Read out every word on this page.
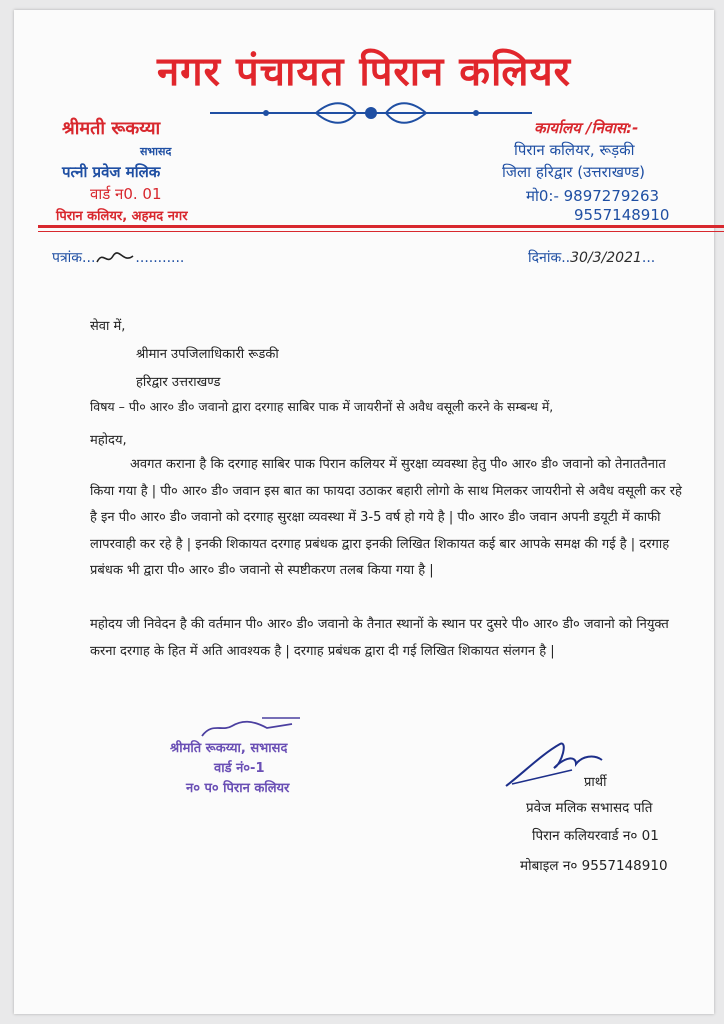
नगर पंचायत पिरान कलियर
श्रीमती रूकय्या
सभासद
पत्नी प्रवेज मलिक
वार्ड न0. 01
पिरान कलियर, अहमद नगर
कार्यालय /निवास:-
पिरान कलियर, रूड़की
जिला हरिद्वार (उत्तराखण्ड)
मो0:- 9897279263
9557148910
पत्रांक...	...........	दिनांक..30/3/2021...
सेवा में,
श्रीमान उपजिलाधिकारी रूडकी
हरिद्वार उत्तराखण्ड
विषय – पी० आर० डी० जवानो द्वारा दरगाह साबिर पाक में जायरीनों से अवैध वसूली करने के सम्बन्ध में,
महोदय,
अवगत कराना है कि दरगाह साबिर पाक पिरान कलियर में सुरक्षा व्यवस्था हेतु पी० आर० डी० जवानो को तेनाततैनात किया गया है | पी० आर० डी० जवान इस बात का फायदा उठाकर बहारी लोगो के साथ मिलकर जायरीनो से अवैध वसूली कर रहे है इन पी० आर० डी० जवानो को दरगाह सुरक्षा व्यवस्था में 3-5 वर्ष हो गये है | पी० आर० डी० जवान अपनी डयूटी में काफी लापरवाही कर रहे है | इनकी शिकायत दरगाह प्रबंधक द्वारा इनकी लिखित शिकायत कई बार आपके समक्ष की गई है | दरगाह प्रबंधक भी द्वारा पी० आर० डी० जवानो से स्पष्टीकरण तलब किया गया है |
महोदय जी निवेदन है की वर्तमान पी० आर० डी० जवानो के तैनात स्थानों के स्थान पर दुसरे पी० आर० डी० जवानो को नियुक्त करना दरगाह के हित में अति आवश्यक है | दरगाह प्रबंधक द्वारा दी गई लिखित शिकायत संलगन है |
श्रीमति रूकय्या, सभासद
वार्ड नं०-1
न० प० पिरान कलियर	प्रार्थी
प्रवेज मलिक सभासद पति
पिरान कलियरवार्ड न० 01
मोबाइल न० 9557148910
